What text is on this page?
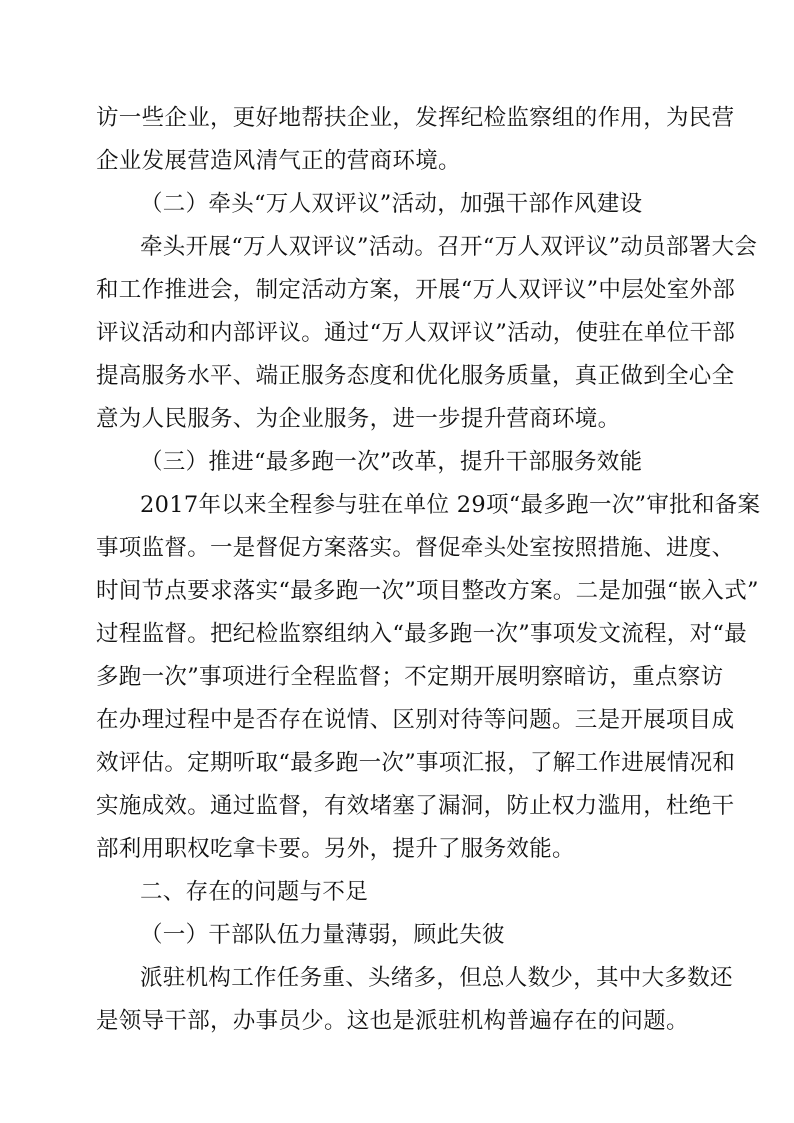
访一些企业，更好地帮扶企业，发挥纪检监察组的作用，为民营
企业发展营造风清气正的营商环境。
（二）牵头“万人双评议”活动，加强干部作风建设
牵头开展“万人双评议”活动。召开“万人双评议”动员部署大会
和工作推进会，制定活动方案，开展“万人双评议”中层处室外部
评议活动和内部评议。通过“万人双评议”活动，使驻在单位干部
提高服务水平、端正服务态度和优化服务质量，真正做到全心全
意为人民服务、为企业服务，进一步提升营商环境。
（三）推进“最多跑一次”改革，提升干部服务效能
2017年以来全程参与驻在单位 29项“最多跑一次”审批和备案
事项监督。一是督促方案落实。督促牵头处室按照措施、进度、
时间节点要求落实“最多跑一次”项目整改方案。二是加强“嵌入式”
过程监督。把纪检监察组纳入“最多跑一次”事项发文流程，对“最
多跑一次”事项进行全程监督；不定期开展明察暗访，重点察访
在办理过程中是否存在说情、区别对待等问题。三是开展项目成
效评估。定期听取“最多跑一次”事项汇报，了解工作进展情况和
实施成效。通过监督，有效堵塞了漏洞，防止权力滥用，杜绝干
部利用职权吃拿卡要。另外，提升了服务效能。
二、存在的问题与不足
（一）干部队伍力量薄弱，顾此失彼
派驻机构工作任务重、头绪多，但总人数少，其中大多数还
是领导干部，办事员少。这也是派驻机构普遍存在的问题。
